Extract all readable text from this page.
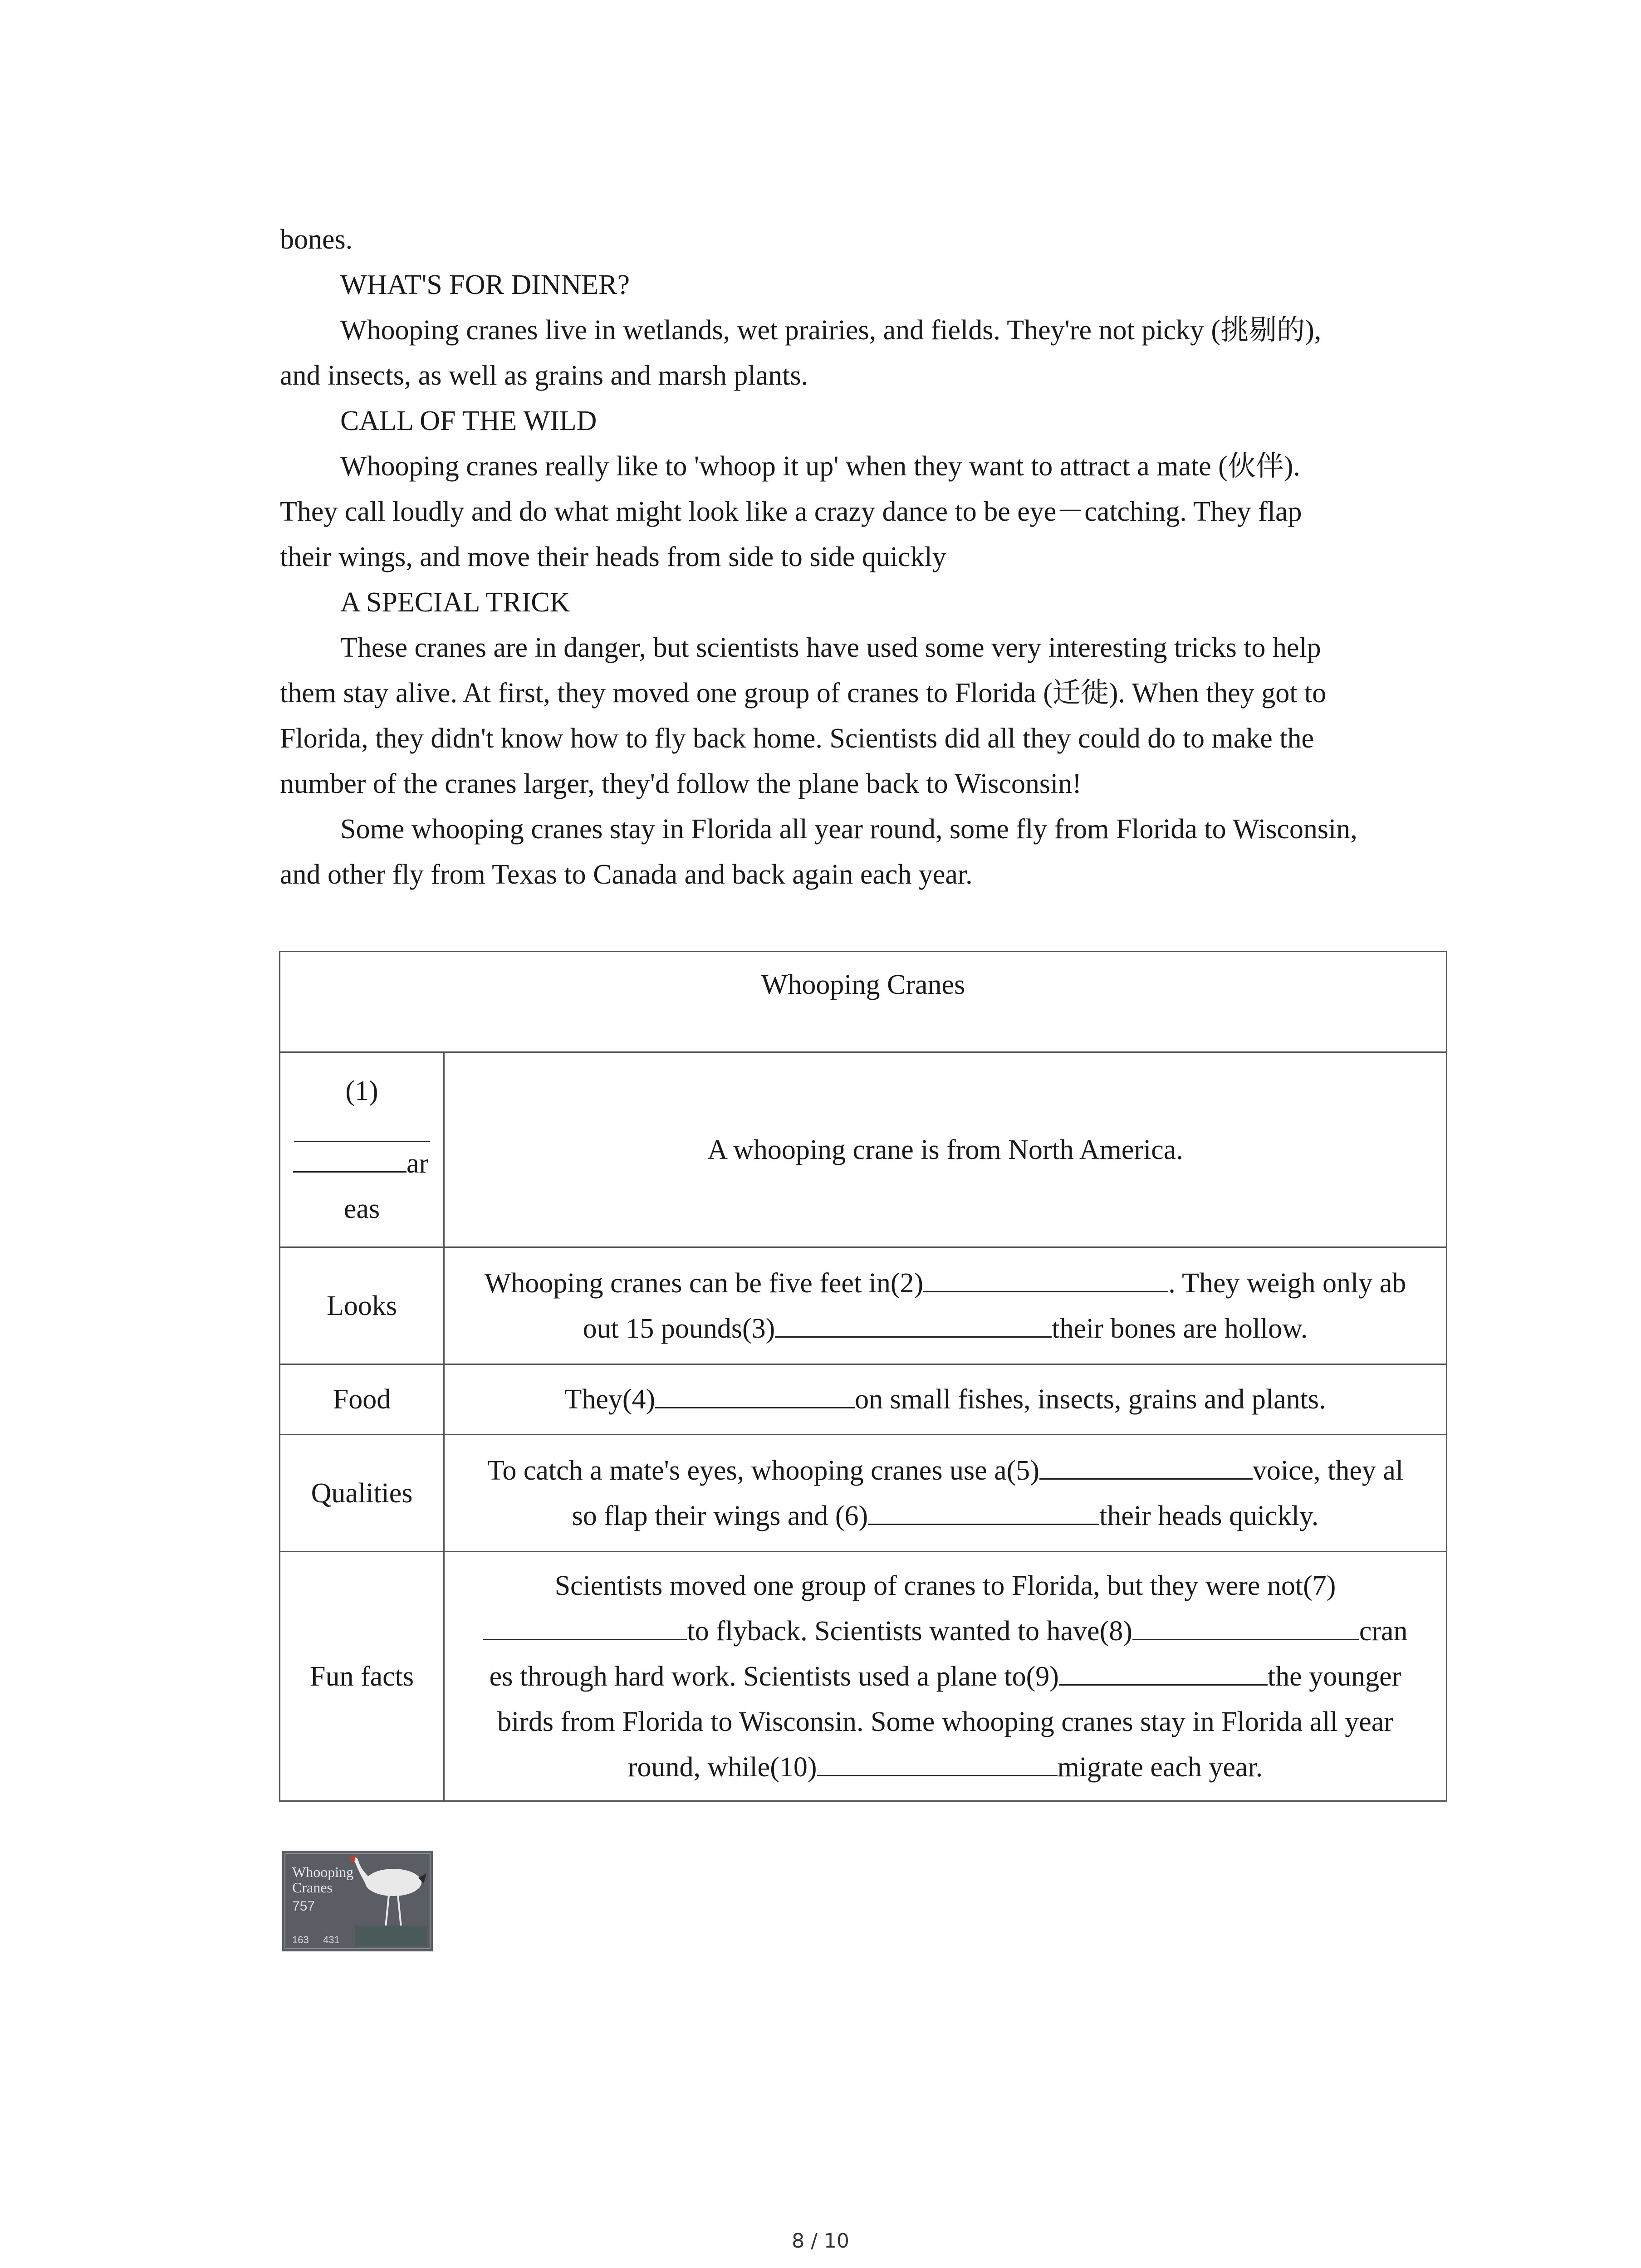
bones.
WHAT'S FOR DINNER?
Whooping cranes live in wetlands, wet prairies, and fields. They're not picky (挑剔的),
and insects, as well as grains and marsh plants.
CALL OF THE WILD
Whooping cranes really like to 'whoop it up' when they want to attract a mate (伙伴).
They call loudly and do what might look like a crazy dance to be eye－catching. They flap
their wings, and move their heads from side to side quickly
A SPECIAL TRICK
These cranes are in danger, but scientists have used some very interesting tricks to help
them stay alive. At first, they moved one group of cranes to Florida (迁徙). When they got to
Florida, they didn't know how to fly back home. Scientists did all they could do to make the
number of the cranes larger, they'd follow the plane back to Wisconsin!
Some whooping cranes stay in Florida all year round, some fly from Florida to Wisconsin,
and other fly from Texas to Canada and back again each year.
Whooping Cranes	

(1)
ar
eas	A whooping crane is from North America.
Looks	Whooping cranes can be five feet in(2) . They weigh only ab
out 15 pounds(3) their bones are hollow.

Food	They(4) on small fishes, insects, grains and plants.
Qualities	To catch a mate's eyes, whooping cranes use a(5) voice, they al
so flap their wings and (6) their heads quickly.

Fun facts	Scientists moved one group of cranes to Florida, but they were not(7)
to flyback. Scientists wanted to have(8) cran
es through hard work. Scientists used a plane to(9) the younger
birds from Florida to Wisconsin. Some whooping cranes stay in Florida all year
round, while(10) migrate each year.
Whooping
Cranes
757
163 431
8 / 10
